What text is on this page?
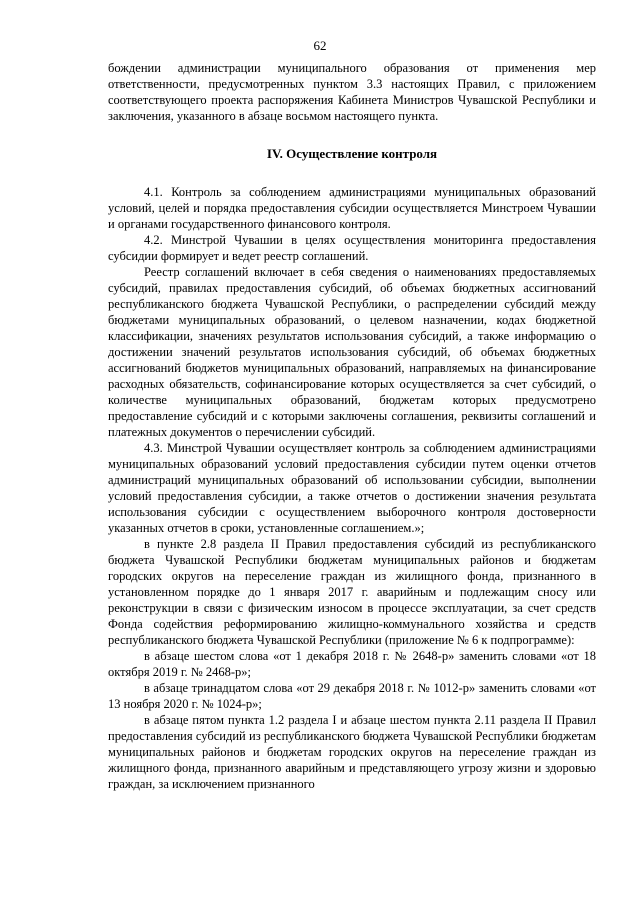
62

бождении администрации муниципального образования от применения мер ответственности, предусмотренных пунктом 3.3 настоящих Правил, с приложением соответствующего проекта распоряжения Кабинета Министров Чувашской Республики и заключения, указанного в абзаце восьмом настоящего пункта.

IV. Осуществление контроля

4.1. Контроль за соблюдением администрациями муниципальных образований условий, целей и порядка предоставления субсидии осуществляется Минстроем Чувашии и органами государственного финансового контроля.

4.2. Минстрой Чувашии в целях осуществления мониторинга предоставления субсидии формирует и ведет реестр соглашений.

Реестр соглашений включает в себя сведения о наименованиях предоставляемых субсидий, правилах предоставления субсидий, об объемах бюджетных ассигнований республиканского бюджета Чувашской Республики, о распределении субсидий между бюджетами муниципальных образований, о целевом назначении, кодах бюджетной классификации, значениях результатов использования субсидий, а также информацию о достижении значений результатов использования субсидий, об объемах бюджетных ассигнований бюджетов муниципальных образований, направляемых на финансирование расходных обязательств, софинансирование которых осуществляется за счет субсидий, о количестве муниципальных образований, бюджетам которых предусмотрено предоставление субсидий и с которыми заключены соглашения, реквизиты соглашений и платежных документов о перечислении субсидий.

4.3. Минстрой Чувашии осуществляет контроль за соблюдением администрациями муниципальных образований условий предоставления субсидии путем оценки отчетов администраций муниципальных образований об использовании субсидии, выполнении условий предоставления субсидии, а также отчетов о достижении значения результата использования субсидии с осуществлением выборочного контроля достоверности указанных отчетов в сроки, установленные соглашением.»;

в пункте 2.8 раздела II Правил предоставления субсидий из республиканского бюджета Чувашской Республики бюджетам муниципальных районов и бюджетам городских округов на переселение граждан из жилищного фонда, признанного в установленном порядке до 1 января 2017 г. аварийным и подлежащим сносу или реконструкции в связи с физическим износом в процессе эксплуатации, за счет средств Фонда содействия реформированию жилищно-коммунального хозяйства и средств республиканского бюджета Чувашской Республики (приложение № 6 к подпрограмме):

в абзаце шестом слова «от 1 декабря 2018 г. № 2648-р» заменить словами «от 18 октября 2019 г. № 2468-р»;

в абзаце тринадцатом слова «от 29 декабря 2018 г. № 1012-р» заменить словами «от 13 ноября 2020 г. № 1024-р»;

в абзаце пятом пункта 1.2 раздела I и абзаце шестом пункта 2.11 раздела II Правил предоставления субсидий из республиканского бюджета Чувашской Республики бюджетам муниципальных районов и бюджетам городских округов на переселение граждан из жилищного фонда, признанного аварийным и представляющего угрозу жизни и здоровью граждан, за исключением признанного
